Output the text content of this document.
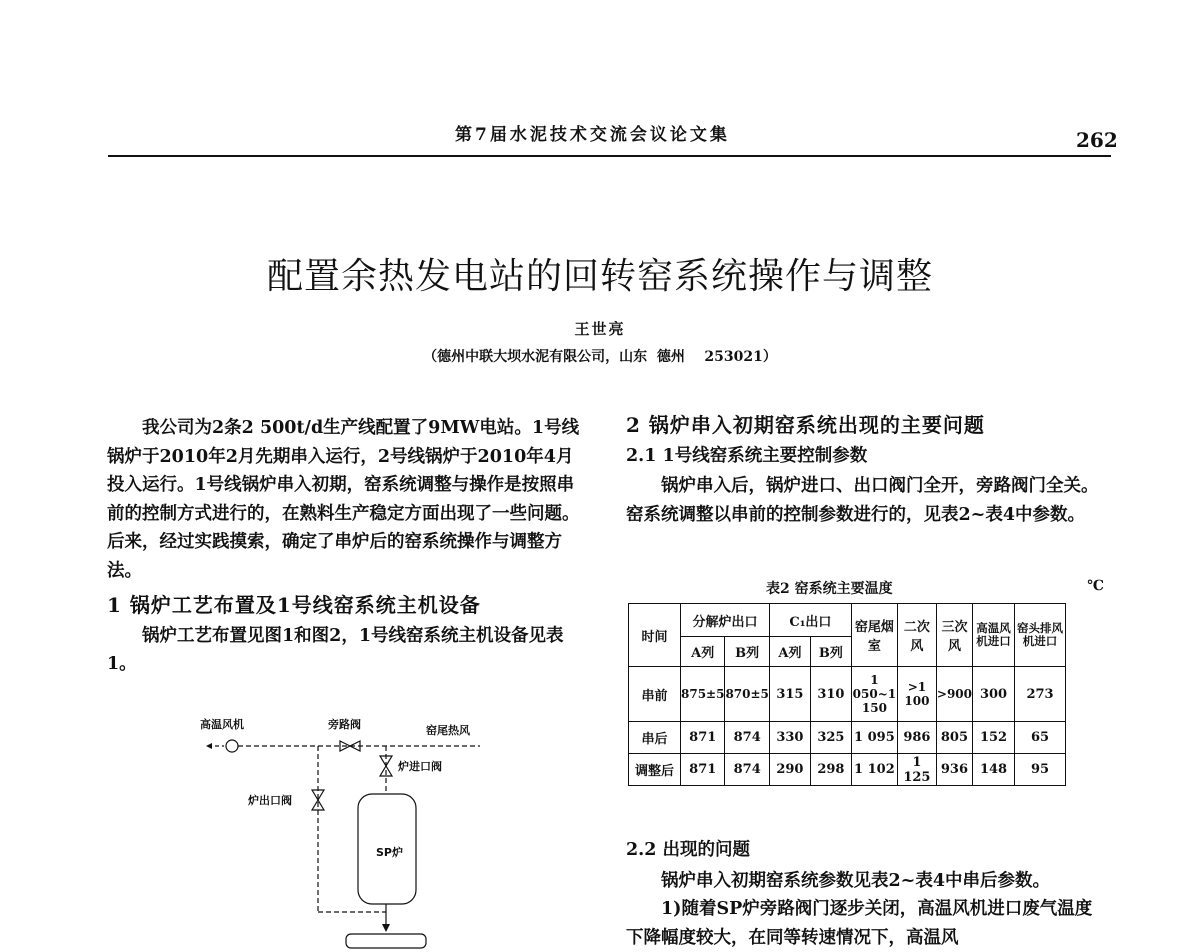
第7届水泥技术交流会议论文集	262
配置余热发电站的回转窑系统操作与调整
王世亮
（德州中联大坝水泥有限公司，山东  德州    253021）

我公司为2条2 500t/d生产线配置了9MW电站。1号线锅炉于2010年2月先期串入运行，2号线锅炉于2010年4月投入运行。1号线锅炉串入初期，窑系统调整与操作是按照串前的控制方式进行的，在熟料生产稳定方面出现了一些问题。后来，经过实践摸索，确定了串炉后的窑系统操作与调整方法。

1 锅炉工艺布置及1号线窑系统主机设备

锅炉工艺布置见图1和图2，1号线窑系统主机设备见表1。

高温风机	旁路阀	窑尾热风
炉进口阀
炉出口阀
SP炉

2 锅炉串入初期窑系统出现的主要问题

2.1 1号线窑系统主要控制参数

锅炉串入后，锅炉进口、出口阀门全开，旁路阀门全关。窑系统调整以串前的控制参数进行的，见表2~表4中参数。

表2 窑系统主要温度	℃
时间	分解炉出口		C₁出口		窑尾烟室	二次风	三次风	高温风机进口	窑头排风机进口
	A列	B列	A列	B列					
串前	875±5	870±5	315	310	1 050~1 150	>1 100	>900	300	273
串后	871	874	330	325	1 095	986	805	152	65
调整后	871	874	290	298	1 102	1 125	936	148	95

2.2 出现的问题

锅炉串入初期窑系统参数见表2~表4中串后参数。

1)随着SP炉旁路阀门逐步关闭，高温风机进口废气温度下降幅度较大，在同等转速情况下，高温风
